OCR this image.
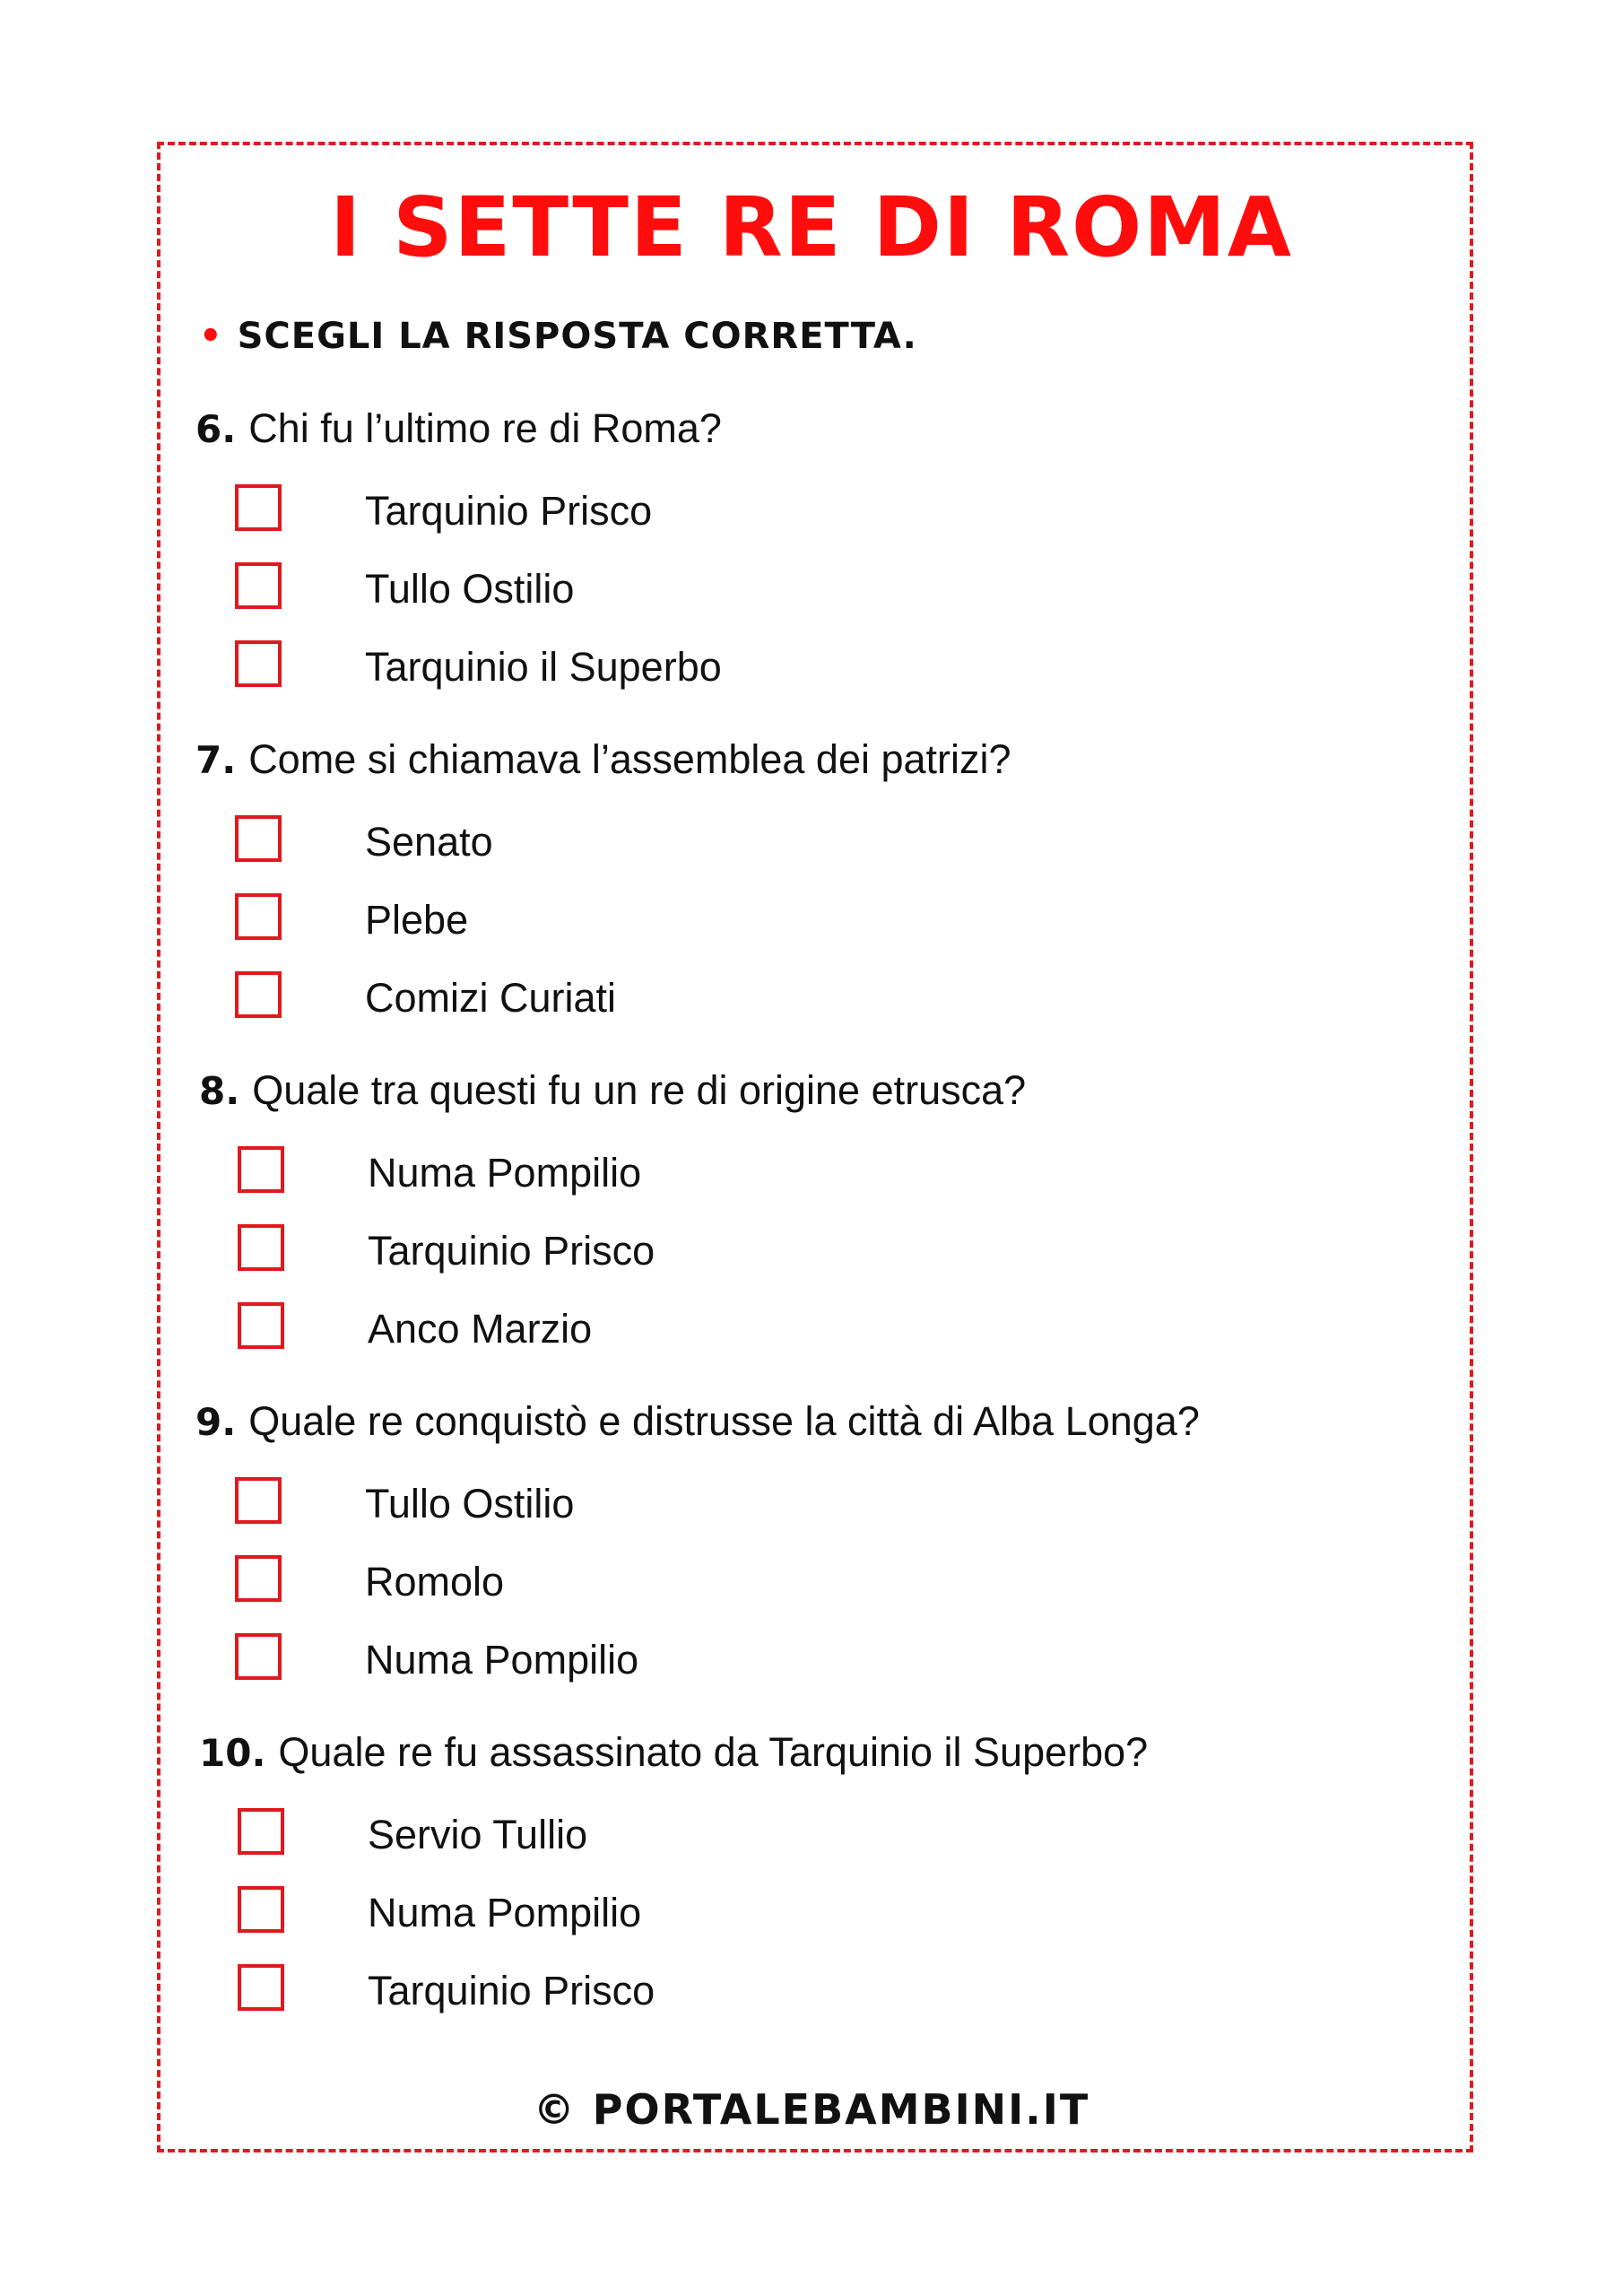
I SETTE RE DI ROMA
• SCEGLI LA RISPOSTA CORRETTA.
6. Chi fu l’ultimo re di Roma?
Tarquinio Prisco
Tullo Ostilio
Tarquinio il Superbo
7. Come si chiamava l’assemblea dei patrizi?
Senato
Plebe
Comizi Curiati
8. Quale tra questi fu un re di origine etrusca?
Numa Pompilio
Tarquinio Prisco
Anco Marzio
9. Quale re conquistò e distrusse la città di Alba Longa?
Tullo Ostilio
Romolo
Numa Pompilio
10. Quale re fu assassinato da Tarquinio il Superbo?
Servio Tullio
Numa Pompilio
Tarquinio Prisco
© PORTALEBAMBINI.IT
